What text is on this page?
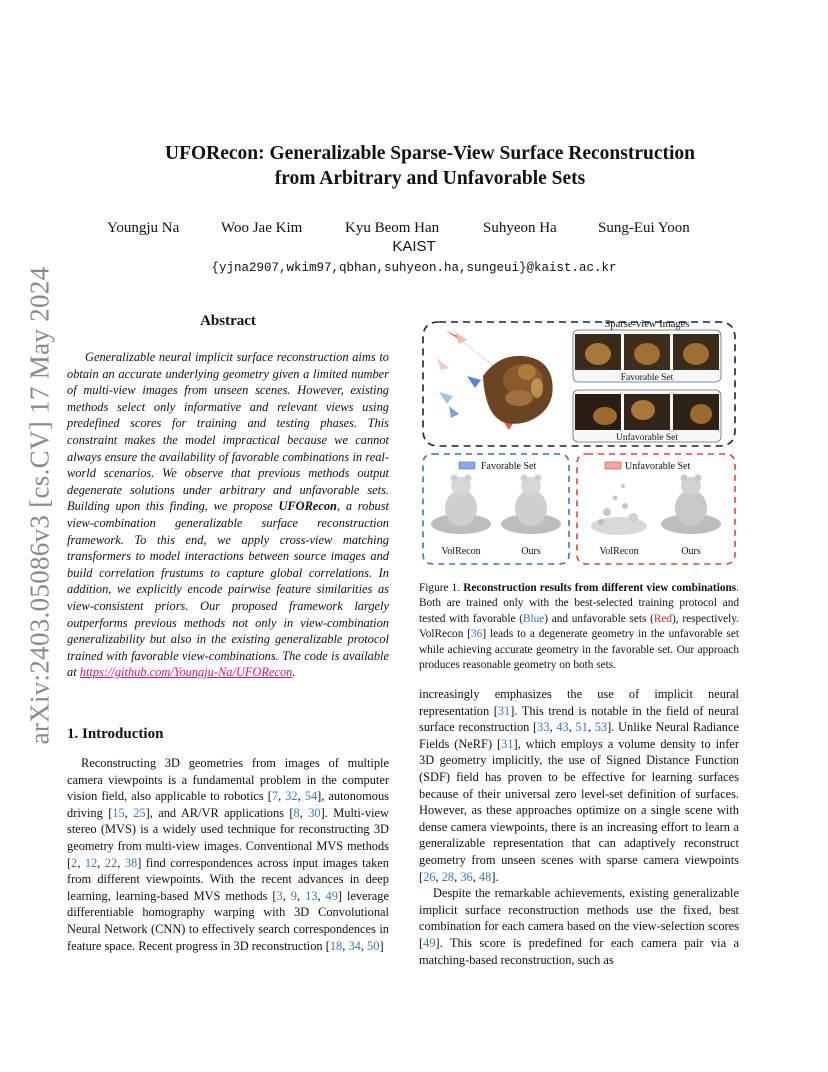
arXiv:2403.05086v3 [cs.CV] 17 May 2024
UFORecon: Generalizable Sparse-View Surface Reconstruction
from Arbitrary and Unfavorable Sets
Youngju Na	Woo Jae Kim	Kyu Beom Han	Suhyeon Ha	Sung-Eui Yoon
KAIST
{yjna2907,wkim97,qbhan,suhyeon.ha,sungeui}@kaist.ac.kr
Abstract
Generalizable neural implicit surface reconstruction aims to obtain an accurate underlying geometry given a limited number of multi-view images from unseen scenes. However, existing methods select only informative and relevant views using predefined scores for training and testing phases. This constraint makes the model impractical because we cannot always ensure the availability of favorable combinations in real-world scenarios. We observe that previous methods output degenerate solutions under arbitrary and unfavorable sets. Building upon this finding, we propose UFORecon, a robust view-combination generalizable surface reconstruction framework. To this end, we apply cross-view matching transformers to model interactions between source images and build correlation frustums to capture global correlations. In addition, we explicitly encode pairwise feature similarities as view-consistent priors. Our proposed framework largely outperforms previous methods not only in view-combination generalizability but also in the existing generalizable protocol trained with favorable view-combinations. The code is available at https://github.com/Youngju-Na/UFORecon.
1. Introduction
Reconstructing 3D geometries from images of multiple camera viewpoints is a fundamental problem in the computer vision field, also applicable to robotics [7, 32, 54], autonomous driving [15, 25], and AR/VR applications [8, 30]. Multi-view stereo (MVS) is a widely used technique for reconstructing 3D geometry from multi-view images. Conventional MVS methods [2, 12, 22, 38] find correspondences across input images taken from different viewpoints. With the recent advances in deep learning, learning-based MVS methods [3, 9, 13, 49] leverage differentiable homography warping with 3D Convolutional Neural Network (CNN) to effectively search correspondences in feature space. Recent progress in 3D reconstruction [18, 34, 50]
Sparse-view Images
Favorable Set
Unfavorable Set
Favorable Set
VolRecon	Ours
Unfavorable Set
VolRecon	Ours
Figure 1. Reconstruction results from different view combinations. Both are trained only with the best-selected training protocol and tested with favorable (Blue) and unfavorable sets (Red), respectively. VolRecon [36] leads to a degenerate geometry in the unfavorable set while achieving accurate geometry in the favorable set. Our approach produces reasonable geometry on both sets.

increasingly emphasizes the use of implicit neural representation [31]. This trend is notable in the field of neural surface reconstruction [33, 43, 51, 53]. Unlike Neural Radiance Fields (NeRF) [31], which employs a volume density to infer 3D geometry implicitly, the use of Signed Distance Function (SDF) field has proven to be effective for learning surfaces because of their universal zero level-set definition of surfaces. However, as these approaches optimize on a single scene with dense camera viewpoints, there is an increasing effort to learn a generalizable representation that can adaptively reconstruct geometry from unseen scenes with sparse camera viewpoints [26, 28, 36, 48].

Despite the remarkable achievements, existing generalizable implicit surface reconstruction methods use the fixed, best combination for each camera based on the view-selection scores [49]. This score is predefined for each camera pair via a matching-based reconstruction, such as
